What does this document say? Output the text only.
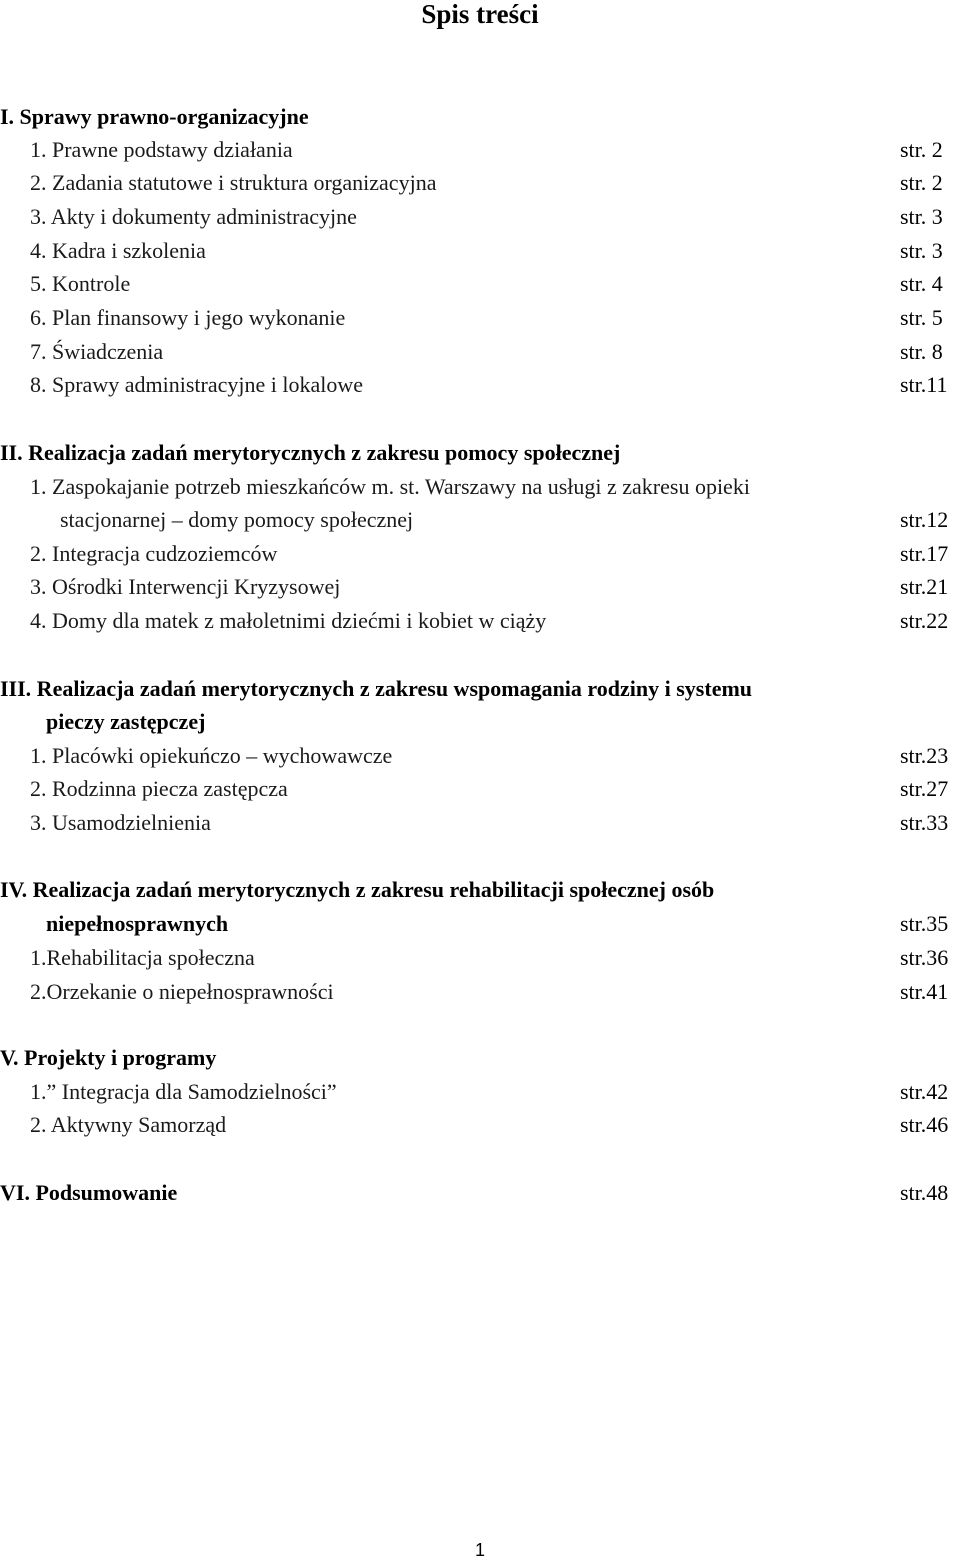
Spis treści
I. Sprawy prawno-organizacyjne
1. Prawne podstawy działania	str. 2
2. Zadania statutowe i struktura organizacyjna	str. 2
3. Akty i dokumenty administracyjne	str. 3
4. Kadra i szkolenia	str. 3
5. Kontrole	str. 4
6. Plan finansowy i jego wykonanie	str. 5
7. Świadczenia	str. 8
8. Sprawy administracyjne i lokalowe	str.11
II. Realizacja zadań merytorycznych z zakresu pomocy społecznej
1. Zaspokajanie potrzeb mieszkańców m. st. Warszawy na usługi z zakresu opieki
stacjonarnej – domy pomocy społecznej	str.12
2. Integracja cudzoziemców	str.17
3. Ośrodki Interwencji Kryzysowej	str.21
4. Domy dla matek z małoletnimi dziećmi i kobiet w ciąży	str.22
III. Realizacja zadań merytorycznych z zakresu wspomagania rodziny i systemu
pieczy zastępczej
1. Placówki opiekuńczo – wychowawcze	str.23
2. Rodzinna piecza zastępcza	str.27
3. Usamodzielnienia	str.33
IV. Realizacja zadań merytorycznych z zakresu rehabilitacji społecznej osób
niepełnosprawnych	str.35
1.Rehabilitacja społeczna	str.36
2.Orzekanie o niepełnosprawności	str.41
V. Projekty i programy
1.” Integracja dla Samodzielności”	str.42
2. Aktywny Samorząd	str.46
VI. Podsumowanie	str.48
1
